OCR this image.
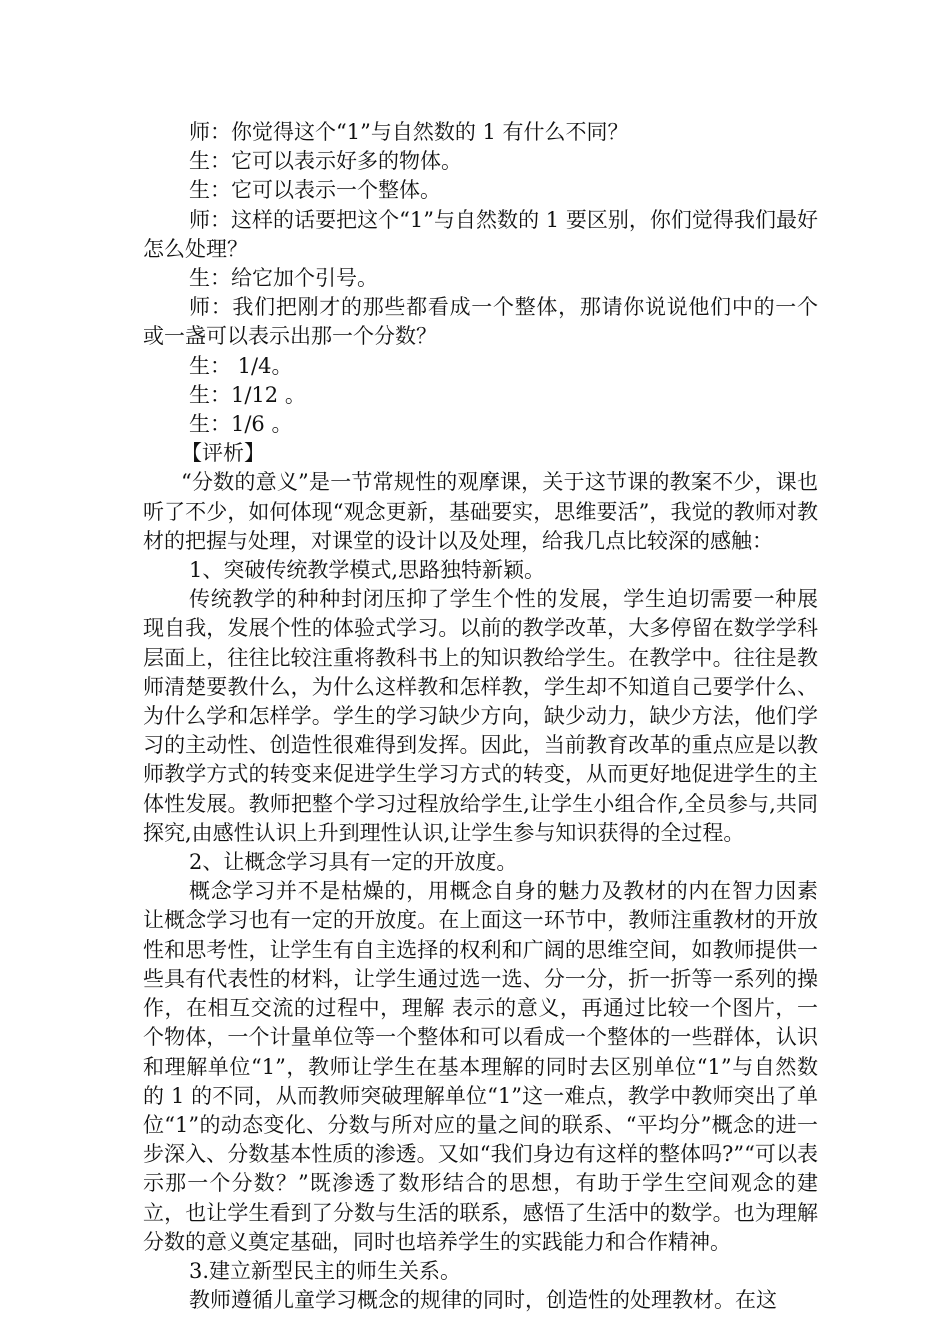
师：你觉得这个“1”与自然数的 1 有什么不同？

生：它可以表示好多的物体。

生：它可以表示一个整体。

师：这样的话要把这个“1”与自然数的 1 要区别，你们觉得我们最好怎么处理？

生：给它加个引号。

师：我们把刚才的那些都看成一个整体，那请你说说他们中的一个或一盏可以表示出那一个分数？

生： 1/4。

生：1/12 。

生：1/6 。

【评析】

“分数的意义”是一节常规性的观摩课，关于这节课的教案不少，课也听了不少，如何体现“观念更新，基础要实，思维要活”，我觉的教师对教材的把握与处理，对课堂的设计以及处理，给我几点比较深的感触：

1、突破传统教学模式,思路独特新颖。

传统教学的种种封闭压抑了学生个性的发展，学生迫切需要一种展现自我，发展个性的体验式学习。以前的教学改革，大多停留在数学学科层面上，往往比较注重将教科书上的知识教给学生。在教学中。往往是教师清楚要教什么，为什么这样教和怎样教，学生却不知道自己要学什么、为什么学和怎样学。学生的学习缺少方向，缺少动力，缺少方法，他们学习的主动性、创造性很难得到发挥。因此，当前教育改革的重点应是以教师教学方式的转变来促进学生学习方式的转变，从而更好地促进学生的主体性发展。教师把整个学习过程放给学生,让学生小组合作,全员参与,共同探究,由感性认识上升到理性认识,让学生参与知识获得的全过程。

2、让概念学习具有一定的开放度。

概念学习并不是枯燥的，用概念自身的魅力及教材的内在智力因素让概念学习也有一定的开放度。在上面这一环节中，教师注重教材的开放性和思考性，让学生有自主选择的权利和广阔的思维空间，如教师提供一些具有代表性的材料，让学生通过选一选、分一分，折一折等一系列的操作，在相互交流的过程中，理解 表示的意义，再通过比较一个图片，一个物体，一个计量单位等一个整体和可以看成一个整体的一些群体，认识和理解单位“1”，教师让学生在基本理解的同时去区别单位“1”与自然数的 1 的不同，从而教师突破理解单位“1”这一难点，教学中教师突出了单位“1”的动态变化、分数与所对应的量之间的联系、“平均分”概念的进一步深入、分数基本性质的渗透。又如“我们身边有这样的整体吗?”“可以表示那一个分数？”既渗透了数形结合的思想，有助于学生空间观念的建立，也让学生看到了分数与生活的联系，感悟了生活中的数学。也为理解分数的意义奠定基础，同时也培养学生的实践能力和合作精神。

3.建立新型民主的师生关系。

教师遵循儿童学习概念的规律的同时，创造性的处理教材。在这
